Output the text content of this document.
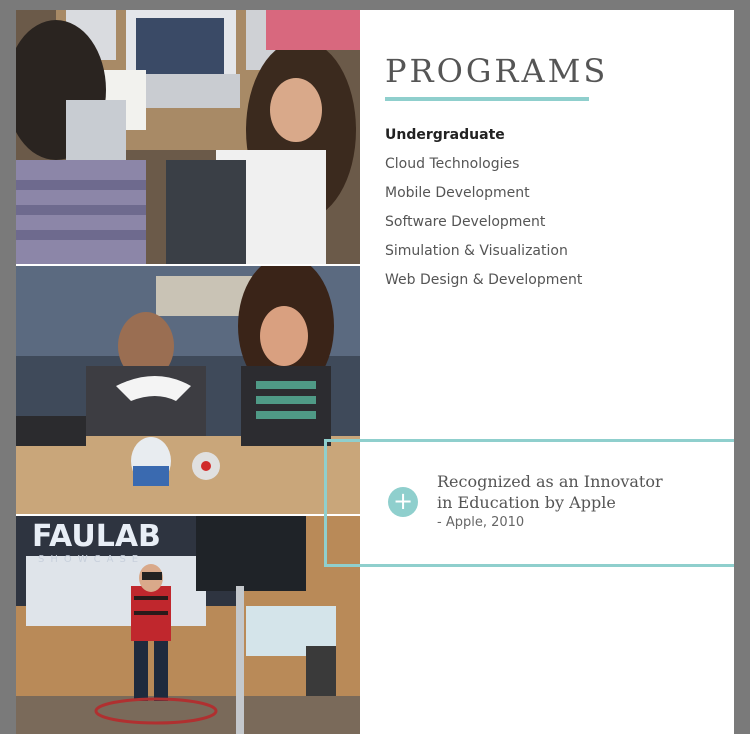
FAULAB
SHOWCASE
PROGRAMS
Undergraduate
Cloud Technologies
Mobile Development
Software Development
Simulation & Visualization
Web Design & Development
+
Recognized as an Innovator
in Education by Apple
- Apple, 2010
